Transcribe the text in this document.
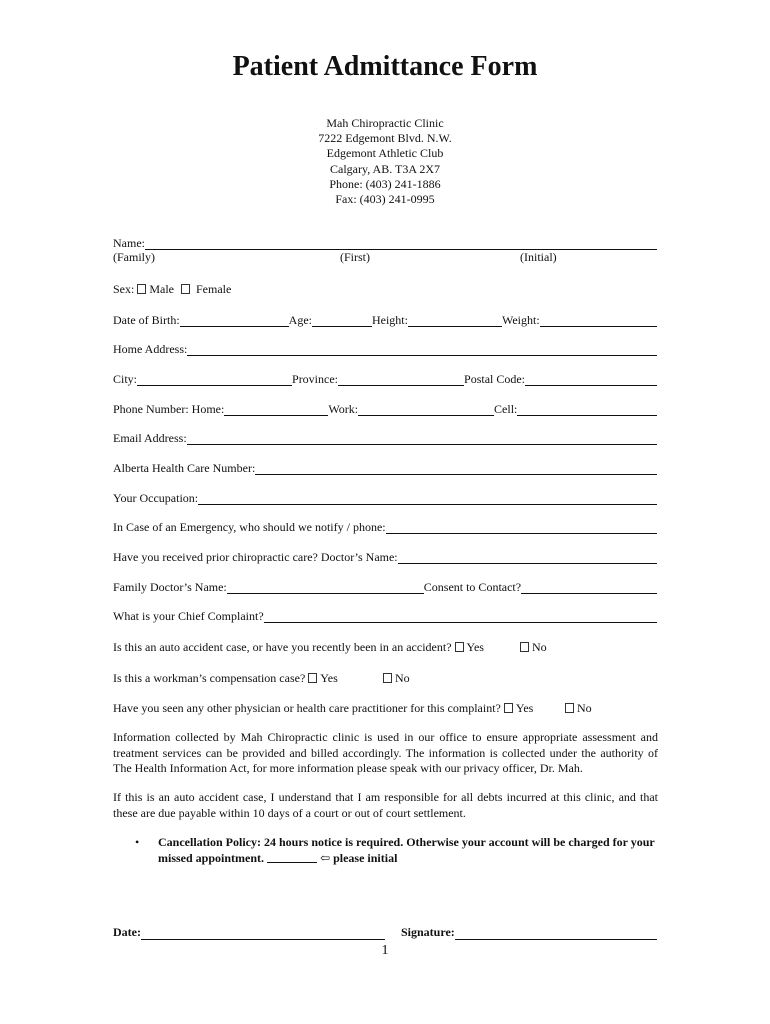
Patient Admittance Form
Mah Chiropractic Clinic
7222 Edgemont Blvd. N.W.
Edgemont Athletic Club
Calgary, AB. T3A 2X7
Phone: (403) 241-1886
Fax: (403) 241-0995
Name:
(Family)	(First)	(Initial)
Sex: Male  Female
Date of Birth:	Age:	Height:	Weight:
Home Address:
City:	Province:	Postal Code:
Phone Number: Home:	Work:	Cell:
Email Address:
Alberta Health Care Number:
Your Occupation:
In Case of an Emergency, who should we notify / phone:
Have you received prior chiropractic care? Doctor’s Name:
Family Doctor’s Name:	Consent to Contact?
What is your Chief Complaint?
Is this an auto accident case, or have you recently been in an accident? Yes	No
Is this a workman’s compensation case? Yes	No
Have you seen any other physician or health care practitioner for this complaint? Yes	No
Information collected by Mah Chiropractic clinic is used in our office to ensure appropriate assessment and treatment services can be provided and billed accordingly. The information is collected under the authority of The Health Information Act, for more information please speak with our privacy officer, Dr. Mah.
If this is an auto accident case, I understand that I am responsible for all debts incurred at this clinic, and that these are due payable within 10 days of a court or out of court settlement.
• Cancellation Policy: 24 hours notice is required. Otherwise your account will be charged for your missed appointment.	⇦ please initial
Date:	Signature:
1
